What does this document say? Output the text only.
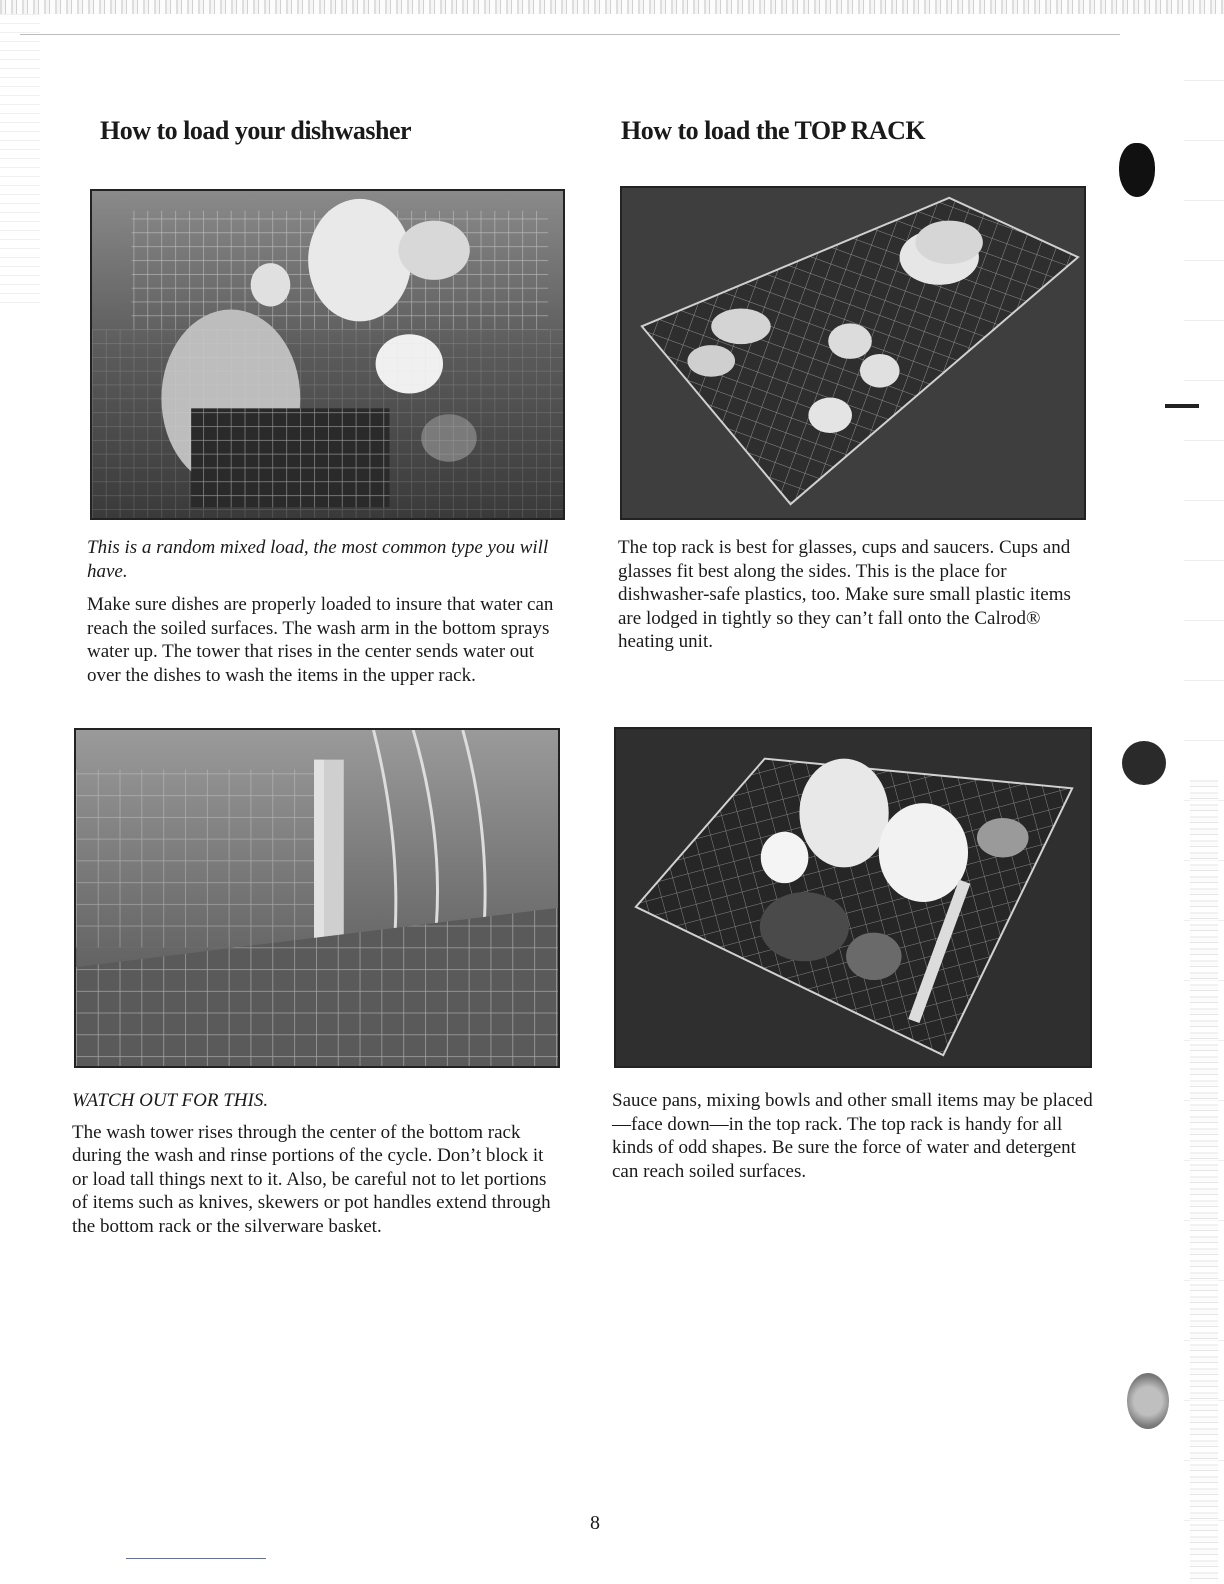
How to load your dishwasher	How to load the TOP RACK

This is a random mixed load, the most common type you will have.

Make sure dishes are properly loaded to insure that water can reach the soiled surfaces. The wash arm in the bottom sprays water up. The tower that rises in the center sends water out over the dishes to wash the items in the upper rack.

The top rack is best for glasses, cups and saucers. Cups and glasses fit best along the sides. This is the place for dishwasher-safe plastics, too. Make sure small plastic items are lodged in tightly so they can’t fall onto the Calrod® heating unit.

WATCH OUT FOR THIS.

The wash tower rises through the center of the bottom rack during the wash and rinse portions of the cycle. Don’t block it or load tall things next to it. Also, be careful not to let portions of items such as knives, skewers or pot handles extend through the bottom rack or the silverware basket.

Sauce pans, mixing bowls and other small items may be placed—face down—in the top rack. The top rack is handy for all kinds of odd shapes. Be sure the force of water and detergent can reach soiled surfaces.

8
